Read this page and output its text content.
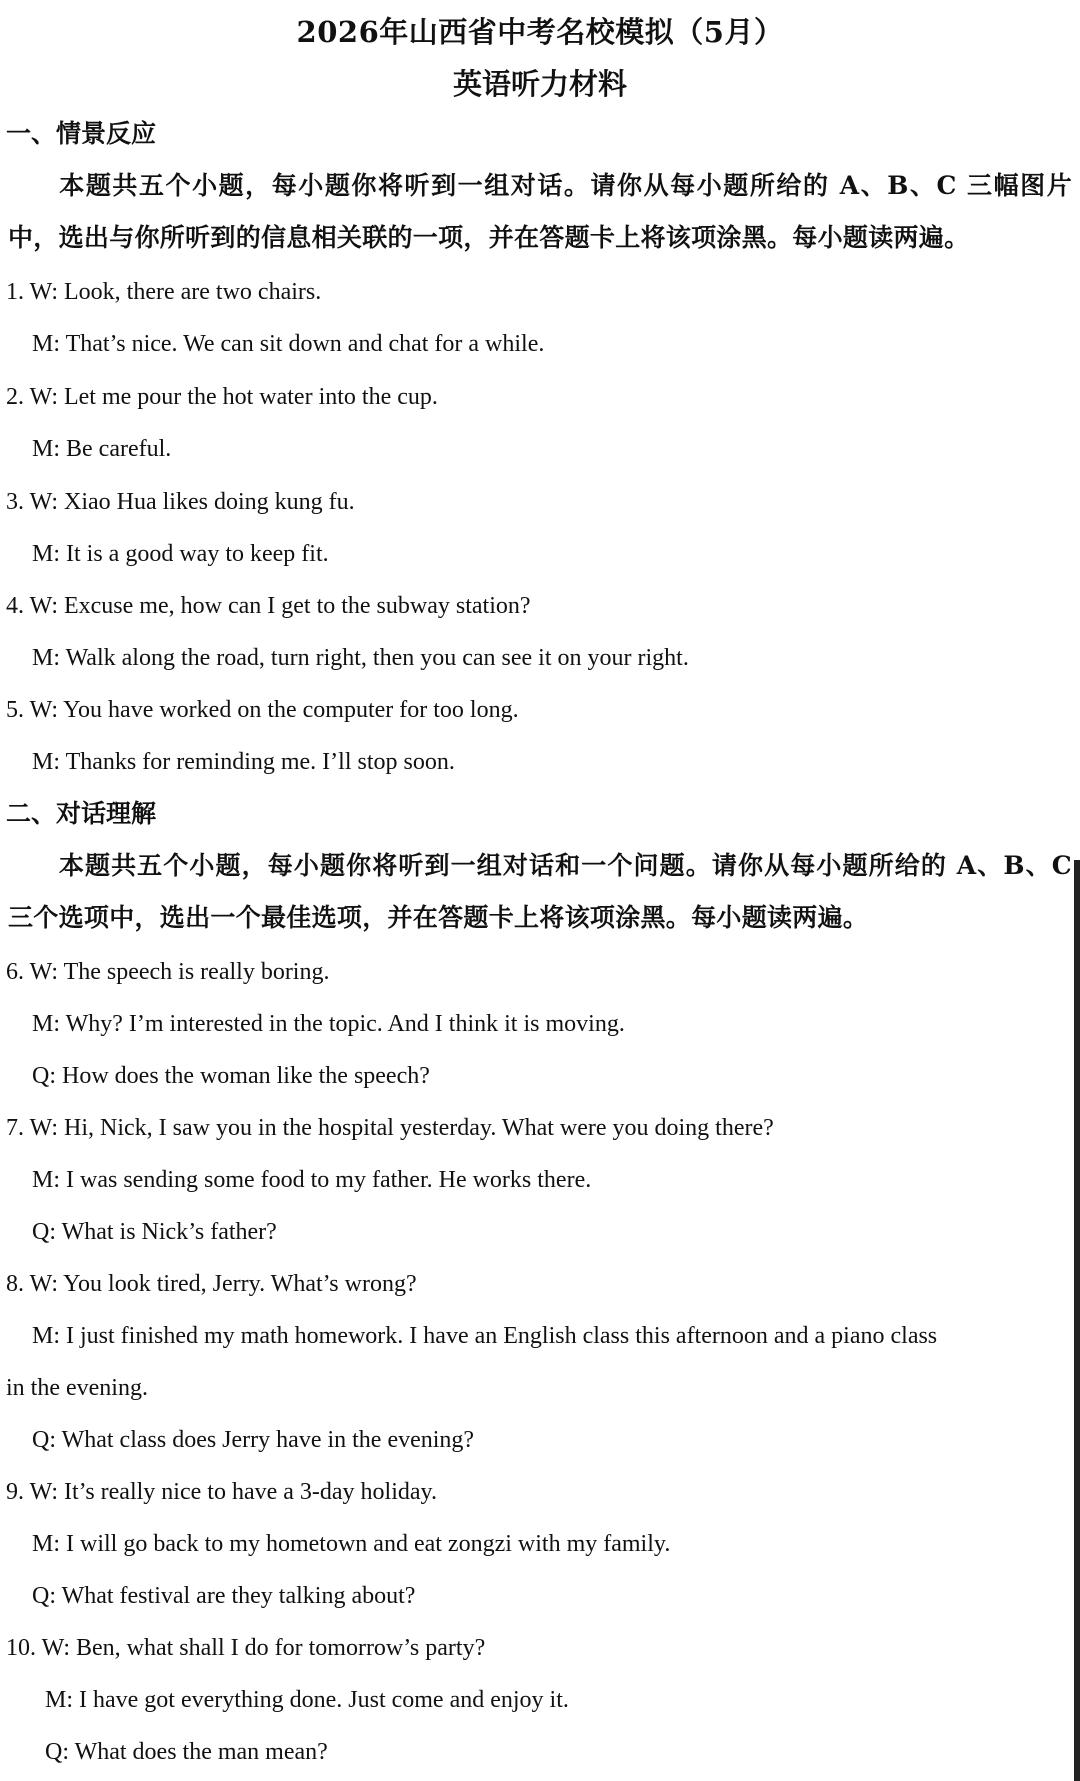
2026年山西省中考名校模拟（5月）
英语听力材料
一、情景反应
本题共五个小题，每小题你将听到一组对话。请你从每小题所给的 A、B、C 三幅图片中，选出与你所听到的信息相关联的一项，并在答题卡上将该项涂黑。每小题读两遍。
1. W: Look, there are two chairs.
M: That’s nice. We can sit down and chat for a while.
2. W: Let me pour the hot water into the cup.
M: Be careful.
3. W: Xiao Hua likes doing kung fu.
M: It is a good way to keep fit.
4. W: Excuse me, how can I get to the subway station?
M: Walk along the road, turn right, then you can see it on your right.
5. W: You have worked on the computer for too long.
M: Thanks for reminding me. I’ll stop soon.
二、对话理解
本题共五个小题，每小题你将听到一组对话和一个问题。请你从每小题所给的 A、B、C 三个选项中，选出一个最佳选项，并在答题卡上将该项涂黑。每小题读两遍。
6. W: The speech is really boring.
M: Why? I’m interested in the topic. And I think it is moving.
Q: How does the woman like the speech?
7. W: Hi, Nick, I saw you in the hospital yesterday. What were you doing there?
M: I was sending some food to my father. He works there.
Q: What is Nick’s father?
8. W: You look tired, Jerry. What’s wrong?
M: I just finished my math homework. I have an English class this afternoon and a piano class
in the evening.
Q: What class does Jerry have in the evening?
9. W: It’s really nice to have a 3-day holiday.
M: I will go back to my hometown and eat zongzi with my family.
Q: What festival are they talking about?
10. W: Ben, what shall I do for tomorrow’s party?
M: I have got everything done. Just come and enjoy it.
Q: What does the man mean?
